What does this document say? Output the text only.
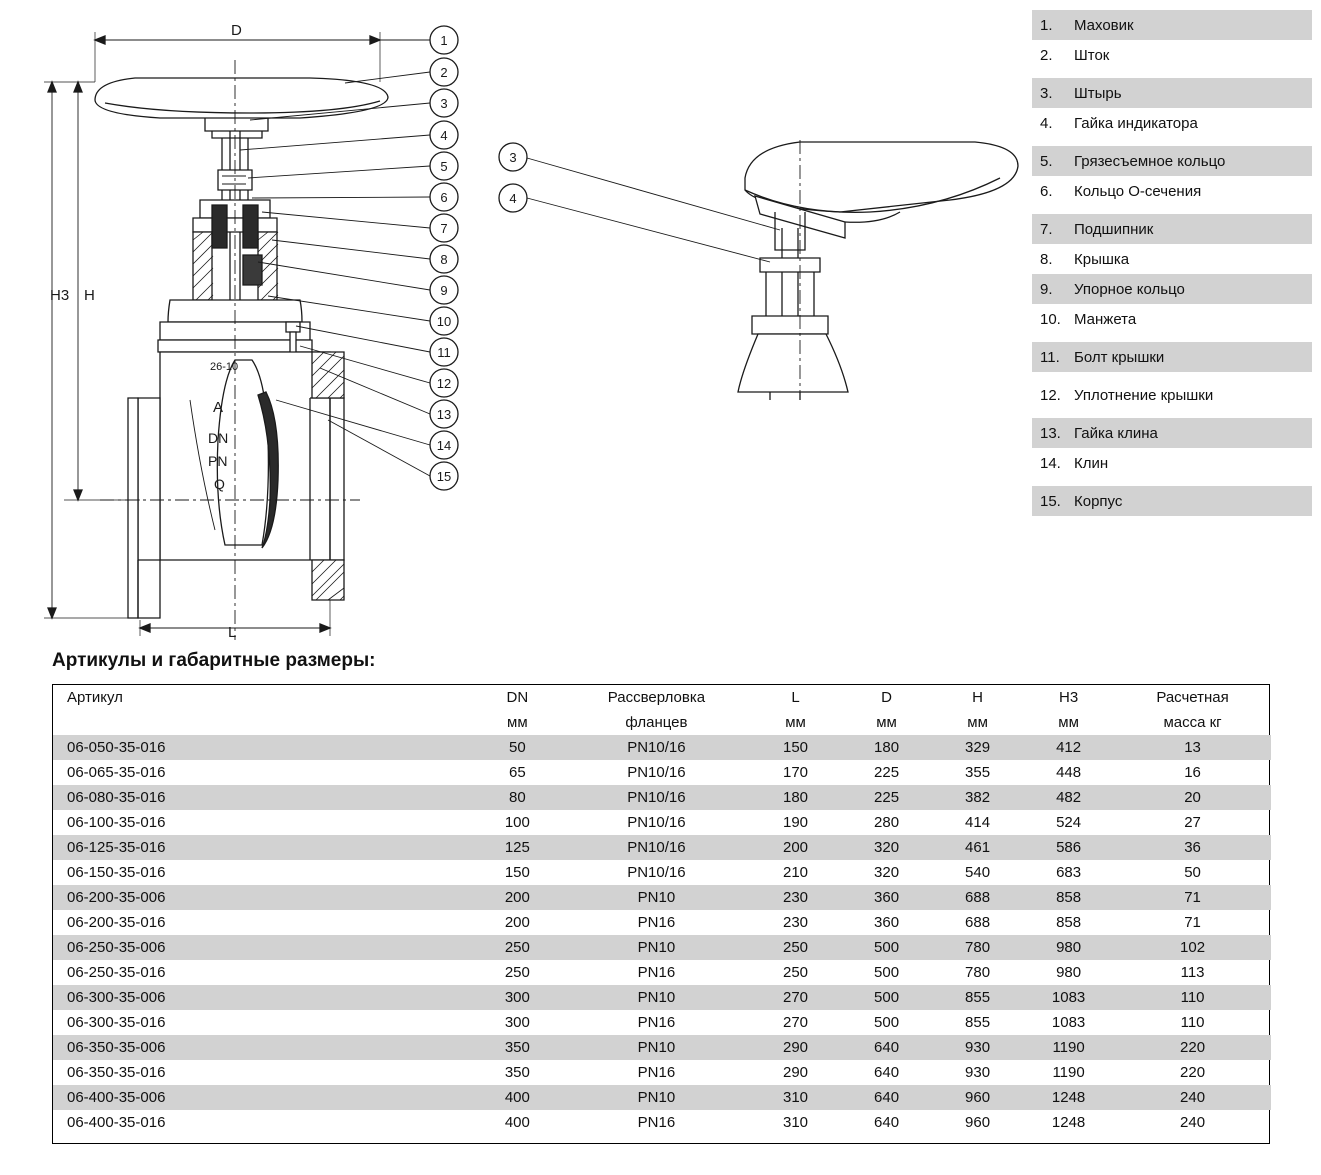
26-10
A
DN
PN
Q
D
L
H
H3
1
2
3
4
5
6
7
8
9
10
11
12
13
14
15
3
4
1.	Маховик
2.	Шток
3.	Штырь
4.	Гайка индикатора
5.	Грязесъемное кольцо
6.	Кольцо О-сечения
7.	Подшипник
8.	Крышка
9.	Упорное кольцо
10. Манжета
11. Болт крышки
12. Уплотнение крышки
13. Гайка клина
14. Клин
15. Корпус
Артикулы и габаритные размеры:
Артикул	DN	Рассверловка	L	D	H	H3	Расчетная
	мм	фланцев	мм	мм	мм	мм	масса кг
06-050-35-016	50	PN10/16	150	180	329	412	13
06-065-35-016	65	PN10/16	170	225	355	448	16
06-080-35-016	80	PN10/16	180	225	382	482	20
06-100-35-016	100	PN10/16	190	280	414	524	27
06-125-35-016	125	PN10/16	200	320	461	586	36
06-150-35-016	150	PN10/16	210	320	540	683	50
06-200-35-006	200	PN10	230	360	688	858	71
06-200-35-016	200	PN16	230	360	688	858	71
06-250-35-006	250	PN10	250	500	780	980	102
06-250-35-016	250	PN16	250	500	780	980	113
06-300-35-006	300	PN10	270	500	855	1083	110
06-300-35-016	300	PN16	270	500	855	1083	110
06-350-35-006	350	PN10	290	640	930	1190	220
06-350-35-016	350	PN16	290	640	930	1190	220
06-400-35-006	400	PN10	310	640	960	1248	240
06-400-35-016	400	PN16	310	640	960	1248	240
